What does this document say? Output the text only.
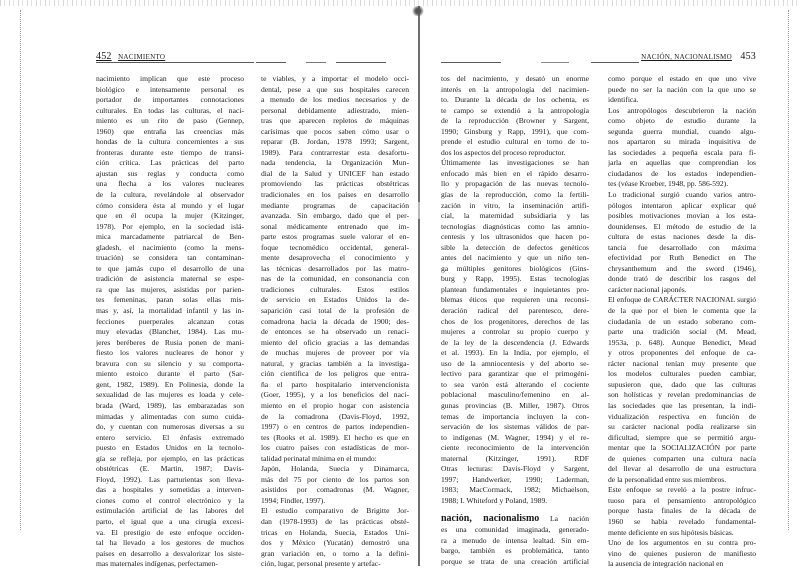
452 NACIMIENTO
nacimiento implican que este proceso
biológico e intensamente personal es
portador de importantes connotaciones
culturales. En todas las culturas, el naci-
miento es un rito de paso (Gennep,
1960) que entraña las creencias más
hondas de la cultura concernientes a sus
fronteras durante este tiempo de transi-
ción crítica. Las prácticas del parto
ajustan sus reglas y conducta como
una flecha a los valores nucleares
de la cultura, revelándole al observador
cómo considera ésta al mundo y el lugar
que en él ocupa la mujer (Kitzinger,
1978). Por ejemplo, en la sociedad islá-
mica marcadamente patriarcal de Ben-
gladesh, el nacimiento (como la mens-
truación) se considera tan contaminan-
te que jamás cupo el desarrollo de una
tradición de asistencia maternal se espe-
ra que las mujeres, asistidas por parien-
tes femeninas, paran solas ellas mis-
mas y, así, la mortalidad infantil y las in-
fecciones puerperales alcanzan cotas
muy elevadas (Blanchet, 1984). Las mu-
jeres beréberes de Rusia ponen de mani-
fiesto los valores nucleares de honor y
bravura con su silencio y su comporta-
miento estoico durante el parto (Sar-
gent, 1982, 1989). En Polinesia, donde la
sexualidad de las mujeres es loada y cele-
brada (Ward, 1989), las embarazadas son
mimadas y alimentadas con sumo cuida-
do, y cuentan con numerosas diversas a su
entero servicio. El énfasis extremado
puesto en Estados Unidos en la tecnolo-
gía se refleja, por ejemplo, en las prácticas
obstétricas (E. Martin, 1987; Davis-
Floyd, 1992). Las parturientas son lleva-
das a hospitales y sometidas a interven-
ciones como el control electrónico y la
estimulación artificial de las labores del
parto, el igual que a una cirugía excesi-
va. El prestigio de este enfoque occiden-
tal ha llevado a los gestores de muchos
países en desarrollo a desvalorizar los siste-
mas maternales indígenas, perfectamen-
te viables, y a importar el modelo occi-
dental, pese a que sus hospitales carecen
a menudo de los medios necesarios y de
personal debidamente adiestrado, mien-
tras que aparecen repletos de máquinas
carísimas que pocos saben cómo usar o
reparar (B. Jordan, 1978 1993; Sargent,
1989). Para contrarrestar esta desafortu-
nada tendencia, la Organización Mun-
dial de la Salud y UNICEF han estado
promoviendo las prácticas obstétricas
tradicionales en los países en desarrollo
mediante programas de capacitación
avanzada. Sin embargo, dado que el per-
sonal médicamente entrenado que im-
parte estos programas suele valorar el en-
foque tecnomédico occidental, general-
mente desaprovecha el conocimiento y
las técnicas desarrollados por las matro-
nas de la comunidad, en consonancia con
tradiciones culturales. Estos estilos
de servicio en Estados Unidos la de-
saparición casi total de la profesión de
comadrona hacia la década de 1900; des-
de entonces se ha observado un renaci-
miento del oficio gracias a las demandas
de muchas mujeres de proveer por vía
natural, y gracias también a la investiga-
ción científica de los peligros que entra-
ña el parto hospitalario intervencionista
(Goer, 1995), y a los beneficios del naci-
miento en el propio hogar con asistencia
de la comadrona (Davis-Floyd, 1992,
1997) o en centros de partos independien-
tes (Rooks et al. 1989). El hecho es que en
los cuatro países con estadísticas de mor-
talidad perinatal mínima en el mundo:
Japón, Holanda, Suecia y Dinamarca,
más del 75 por ciento de los partos son
asistidos por comadronas (M. Wagner,
1994; Findler, 1997).
El estudio comparativo de Brigitte Jor-
dan (1978-1993) de las prácticas obsté-
tricas en Holanda, Suecia, Estados Uni-
dos y México (Yucatán) demostró una
gran variación en, o torno a la defini-
ción, lugar, personal presente y artefac-
NACIÓN, NACIONALISMO 453
tos del nacimiento, y desató un enorme
interés en la antropología del nacimien-
to. Durante la década de los ochenta, es
te campo se extendió a la antropología
de la reproducción (Browner y Sargent,
1990; Ginsburg y Rapp, 1991), que com-
prende el estudio cultural en torno de to-
dos los aspectos del proceso reproductor.
Últimamente las investigaciones se han
enfocado más bien en el rápido desarro-
llo y propagación de las nuevas tecnolo-
gías de la reproducción, como la fertili-
zación in vitro, la inseminación artifi-
cial, la maternidad subsidiaria y las
tecnologías diagnósticas como las amnio-
centesis y los ultrasonidos que hacen po-
sible la detección de defectos genéticos
antes del nacimiento y que un niño ten-
ga múltiples genitores biológicos (Gins-
burg y Rapp, 1995). Estas tecnologías
plantean fundamentales e inquietantes pro-
blemas éticos que requieren una reconsi-
deración radical del parentesco, dere-
chos de los progenitores, derechos de las
mujeres a controlar su propio cuerpo y
de la ley de la descendencia (J. Edwards
et al. 1993). En la India, por ejemplo, el
uso de la amniocentesis y del aborto se-
lectivo para garantizar que el primogéni-
to sea varón está alterando el cociente
poblacional masculino/femenino en al-
gunas provincias (B. Miller, 1987). Otros
temas de importancia incluyen la con-
servación de los sistemas válidos de par-
to indígenas (M. Wagner, 1994) y el re-
ciente reconocimiento de la intervención
maternal (Kitzinger, 1991). RDF
Otras lecturas: Davis-Floyd y Sargent,
1997; Handwerker, 1990; Laderman,
1983; MacCormack, 1982; Michaelson,
1988; I. Whiteford y Poland, 1989.
nación, nacionalismo La nación
es una comunidad imaginada, generado-
ra a menudo de intensa lealtad. Sin em-
bargo, también es problemática, tanto
porque se trata de una creación artificial
como porque el estado en que uno vive
puede no ser la nación con la que uno se
identifica.
Los antropólogos descubrieron la nación
como objeto de estudio durante la
segunda guerra mundial, cuando algu-
nos apartaron su mirada inquisitiva de
las sociedades a pequeña escala para fi-
jarla en aquellas que comprendían los
ciudadanos de los estados independien-
tes (véase Kroeber, 1948, pp. 586-592).
Lo tradicional surgió cuando varios antro-
pólogos intentaron aplicar explicar qué
posibles motivaciones movían a los esta-
dounidenses. El método de estudio de la
cultura de estas naciones desde la dis-
tancia fue desarrollado con máxima
efectividad por Ruth Benedict en The
chrysanthemum and the sword (1946),
donde trató de describir los rasgos del
carácter nacional japonés.
El enfoque de CARÁCTER NACIONAL surgió
de la que por el bien le comenta que la
ciudadanía de un estado soberano com-
parte una tradición social (M. Mead,
1953a, p. 648). Aunque Benedict, Mead
y otros proponentes del enfoque de ca-
rácter nacional tenían muy presente que
los modelos culturales pueden cambiar,
supusieron que, dado que las culturas
son holísticas y revelan predominancias de
las sociedades que las presentan, la indi-
vidualización respectiva en función de
su carácter nacional podía realizarse sin
dificultad, siempre que se permitió argu-
mentar que la SOCIALIZACIÓN por parte
de quienes comparten una cultura nacía
del llevar al desarrollo de una estructura
de la personalidad entre sus miembros.
Este enfoque se reveló a la postre infruc-
tuoso para el pensamiento antropológico
porque hasta finales de la década de
1960 se había revelado fundamental-
mente deficiente en sus hipótesis básicas.
Uno de los argumentos en su contra pro-
vino de quienes pusieron de manifiesto
la ausencia de integración nacional en
